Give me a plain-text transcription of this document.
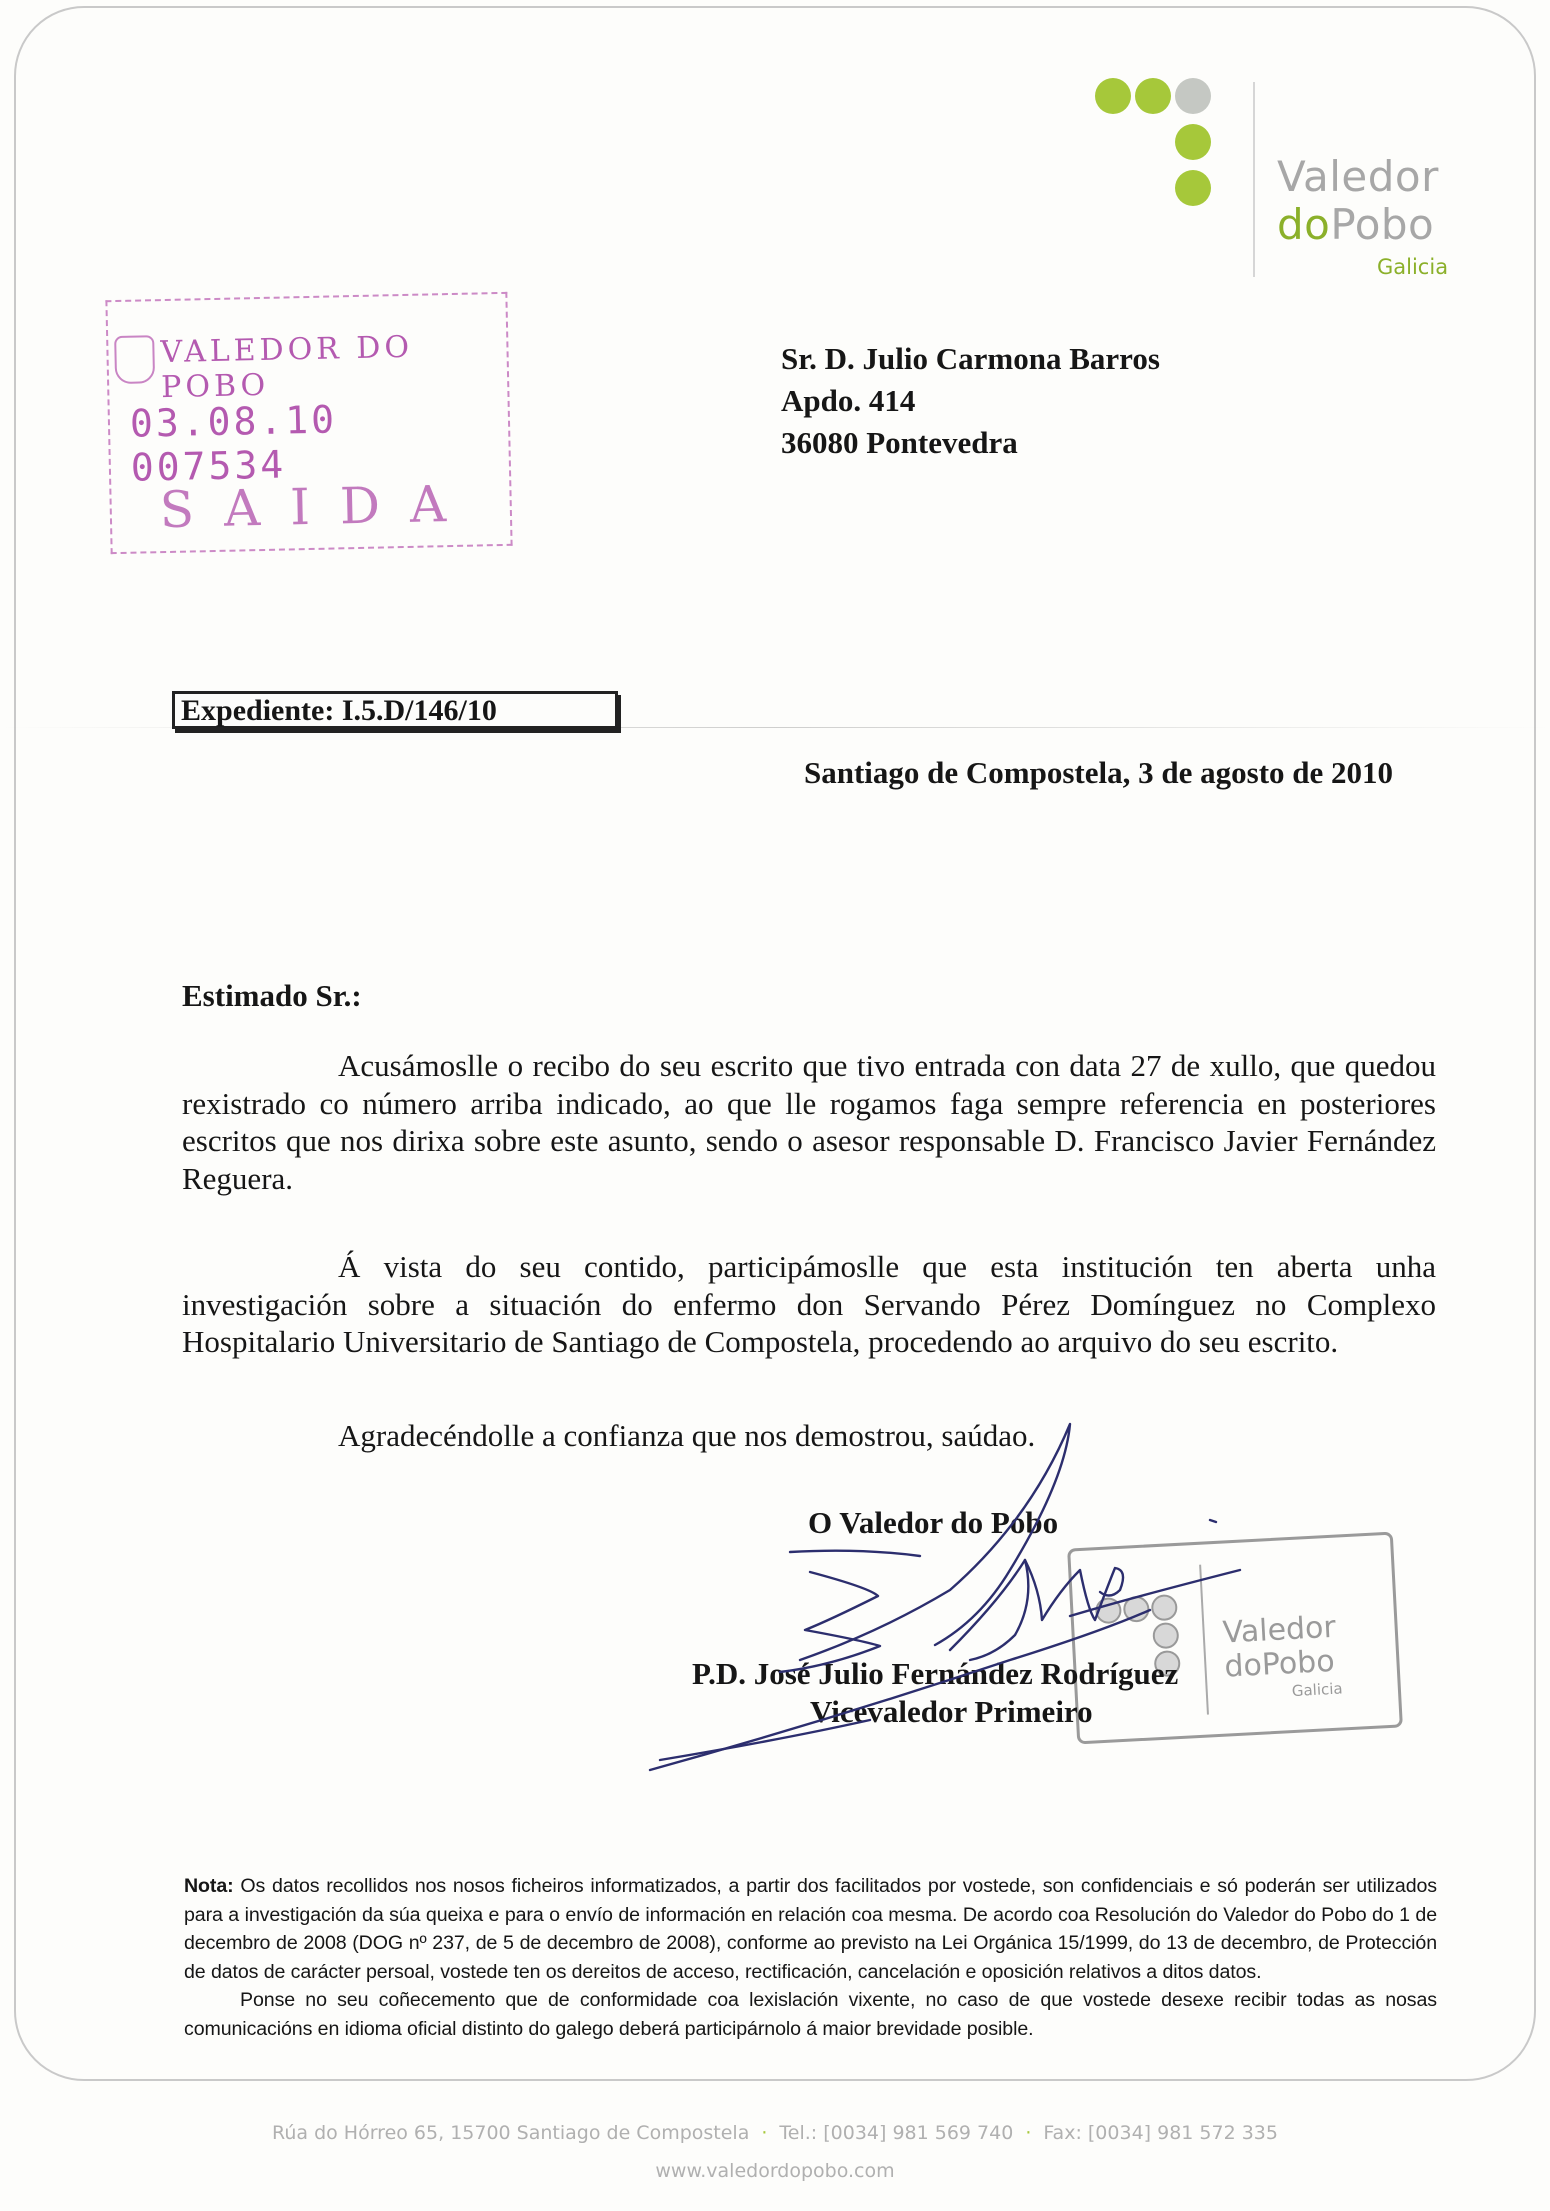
Valedor
doPobo
Galicia
VALEDOR DO POBO
03.08.10 007534
SAIDA
Sr. D. Julio Carmona Barros
Apdo. 414
36080 Pontevedra
Expediente: I.5.D/146/10
Santiago de Compostela, 3 de agosto de 2010
Estimado Sr.:
Acusámoslle o recibo do seu escrito que tivo entrada con data 27 de xullo, que quedou rexistrado co número arriba indicado, ao que lle rogamos faga sempre referencia en posteriores escritos que nos dirixa sobre este asunto, sendo o asesor responsable D. Francisco Javier Fernández Reguera.
Á vista do seu contido, participámoslle que esta institución ten aberta unha investigación sobre a situación do enfermo don Servando Pérez Domínguez no Complexo Hospitalario Universitario de Santiago de Compostela, procedendo ao arquivo do seu escrito.
Agradecéndolle a confianza que nos demostrou, saúdao.
Valedor
doPobo
Galicia
O Valedor do Pobo
P.D. José Julio Fernández Rodríguez
Vicevaledor Primeiro
Nota: Os datos recollidos nos nosos ficheiros informatizados, a partir dos facilitados por vostede, son confidenciais e só poderán ser utilizados para a investigación da súa queixa e para o envío de información en relación coa mesma. De acordo coa Resolución do Valedor do Pobo do 1 de decembro de 2008 (DOG nº 237, de 5 de decembro de 2008), conforme ao previsto na Lei Orgánica 15/1999, do 13 de decembro, de Protección de datos de carácter persoal, vostede ten os dereitos de acceso, rectificación, cancelación e oposición relativos a ditos datos.
Ponse no seu coñecemento que de conformidade coa lexislación vixente, no caso de que vostede desexe recibir todas as nosas comunicacións en idioma oficial distinto do galego deberá participárnolo á maior brevidade posible.
Rúa do Hórreo 65, 15700 Santiago de Compostela · Tel.: [0034] 981 569 740 · Fax: [0034] 981 572 335
www.valedordopobo.com
